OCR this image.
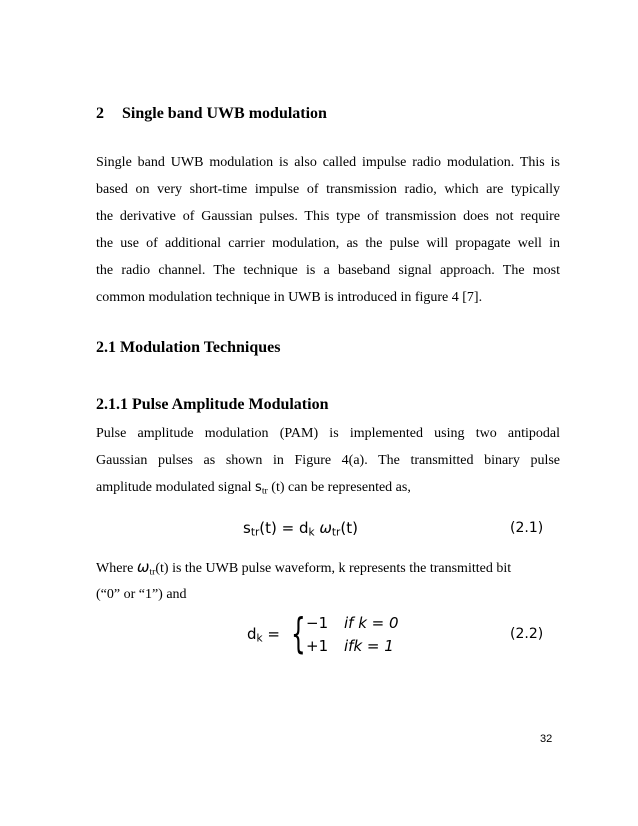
2 Single band UWB modulation
Single band UWB modulation is also called impulse radio modulation. This is
based on very short-time impulse of transmission radio, which are typically
the derivative of Gaussian pulses. This type of transmission does not require
the use of additional carrier modulation, as the pulse will propagate well in
the radio channel. The technique is a baseband signal approach. The most
common modulation technique in UWB is introduced in figure 4 [7].
2.1 Modulation Techniques
2.1.1 Pulse Amplitude Modulation
Pulse amplitude modulation (PAM) is implemented using two antipodal
Gaussian pulses as shown in Figure 4(a). The transmitted binary pulse
amplitude modulated signal $s_{tr}$ (t) can be represented as,
$s_{tr}(t) = d_k$ $\omega_{tr}(t)$	(2.1)
Where $\omega_{tr}(t)$ is the UWB pulse waveform, k represents the transmitted bit
(“0” or “1”) and
$d_k$ = { −1 if k = 0
+1 ifk = 1
(2.2)
32
